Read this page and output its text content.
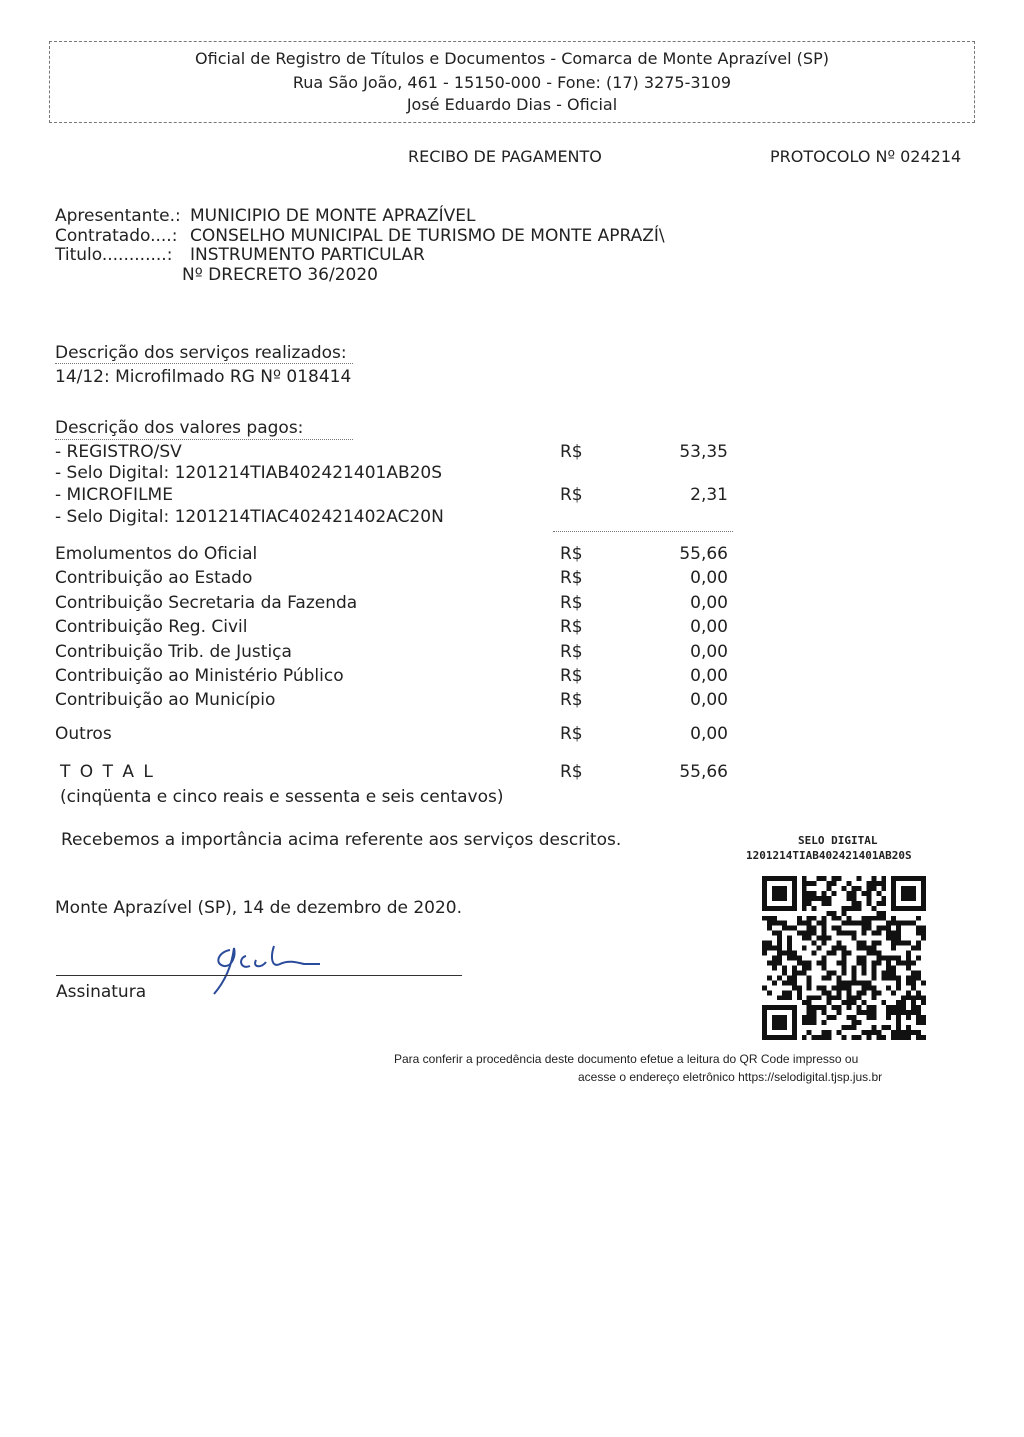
Oficial de Registro de Títulos e Documentos - Comarca de Monte Aprazível (SP)
Rua São João, 461 - 15150-000 - Fone: (17) 3275-3109
José Eduardo Dias - Oficial
RECIBO DE PAGAMENTO	PROTOCOLO Nº 024214
Apresentante.: MUNICIPIO DE MONTE APRAZÍVEL
Contratado....: CONSELHO MUNICIPAL DE TURISMO DE MONTE APRAZÍ\
Titulo............: INSTRUMENTO PARTICULAR
Nº DRECRETO 36/2020
Descrição dos serviços realizados:
14/12: Microfilmado RG Nº 018414
Descrição dos valores pagos:
- REGISTRO/SV	R$	53,35
- Selo Digital: 1201214TIAB402421401AB20S
- MICROFILME	R$	2,31
- Selo Digital: 1201214TIAC402421402AC20N
Emolumentos do Oficial	R$	55,66
Contribuição ao Estado	R$	0,00
Contribuição Secretaria da Fazenda	R$	0,00
Contribuição Reg. Civil	R$	0,00
Contribuição Trib. de Justiça	R$	0,00
Contribuição ao Ministério Público	R$	0,00
Contribuição ao Município	R$	0,00
Outros	R$	0,00
T O T A L	R$	55,66
(cinqüenta e cinco reais e sessenta e seis centavos)
Recebemos a importância acima referente aos serviços descritos.
Monte Aprazível (SP), 14 de dezembro de 2020.
Assinatura
SELO DIGITAL
1201214TIAB402421401AB20S
Para conferir a procedência deste documento efetue a leitura do QR Code impresso ou
acesse o endereço eletrônico https://selodigital.tjsp.jus.br
